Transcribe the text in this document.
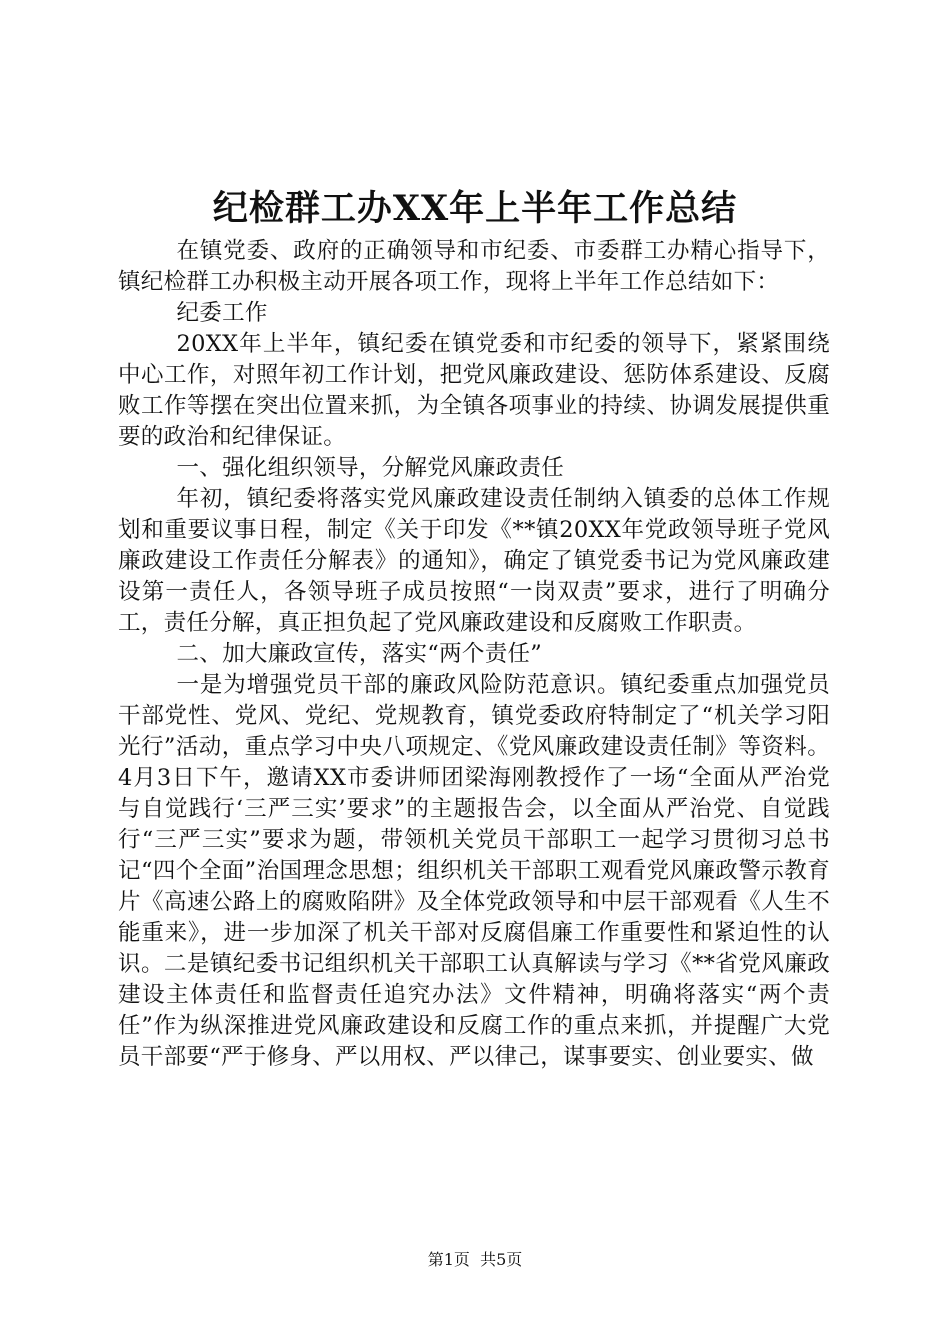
纪检群工办XX年上半年工作总结

在镇党委、政府的正确领导和市纪委、市委群工办精心指导下，镇纪检群工办积极主动开展各项工作，现将上半年工作总结如下：

纪委工作

20XX年上半年，镇纪委在镇党委和市纪委的领导下，紧紧围绕中心工作，对照年初工作计划，把党风廉政建设、惩防体系建设、反腐败工作等摆在突出位置来抓，为全镇各项事业的持续、协调发展提供重要的政治和纪律保证。

一、强化组织领导，分解党风廉政责任

年初，镇纪委将落实党风廉政建设责任制纳入镇委的总体工作规划和重要议事日程，制定《关于印发《**镇20XX年党政领导班子党风廉政建设工作责任分解表》的通知》，确定了镇党委书记为党风廉政建设第一责任人，各领导班子成员按照“一岗双责”要求，进行了明确分工，责任分解，真正担负起了党风廉政建设和反腐败工作职责。

二、加大廉政宣传，落实“两个责任”

一是为增强党员干部的廉政风险防范意识。镇纪委重点加强党员干部党性、党风、党纪、党规教育，镇党委政府特制定了“机关学习阳光行”活动，重点学习中央八项规定、《党风廉政建设责任制》等资料。4月3日下午，邀请XX市委讲师团梁海刚教授作了一场“全面从严治党与自觉践行‘三严三实’要求”的主题报告会，以全面从严治党、自觉践行“三严三实”要求为题，带领机关党员干部职工一起学习贯彻习总书记“四个全面”治国理念思想；组织机关干部职工观看党风廉政警示教育片《高速公路上的腐败陷阱》及全体党政领导和中层干部观看《人生不能重来》，进一步加深了机关干部对反腐倡廉工作重要性和紧迫性的认识。二是镇纪委书记组织机关干部职工认真解读与学习《**省党风廉政建设主体责任和监督责任追究办法》文件精神，明确将落实“两个责任”作为纵深推进党风廉政建设和反腐工作的重点来抓，并提醒广大党员干部要“严于修身、严以用权、严以律己，谋事要实、创业要实、做

第1页 共5页
